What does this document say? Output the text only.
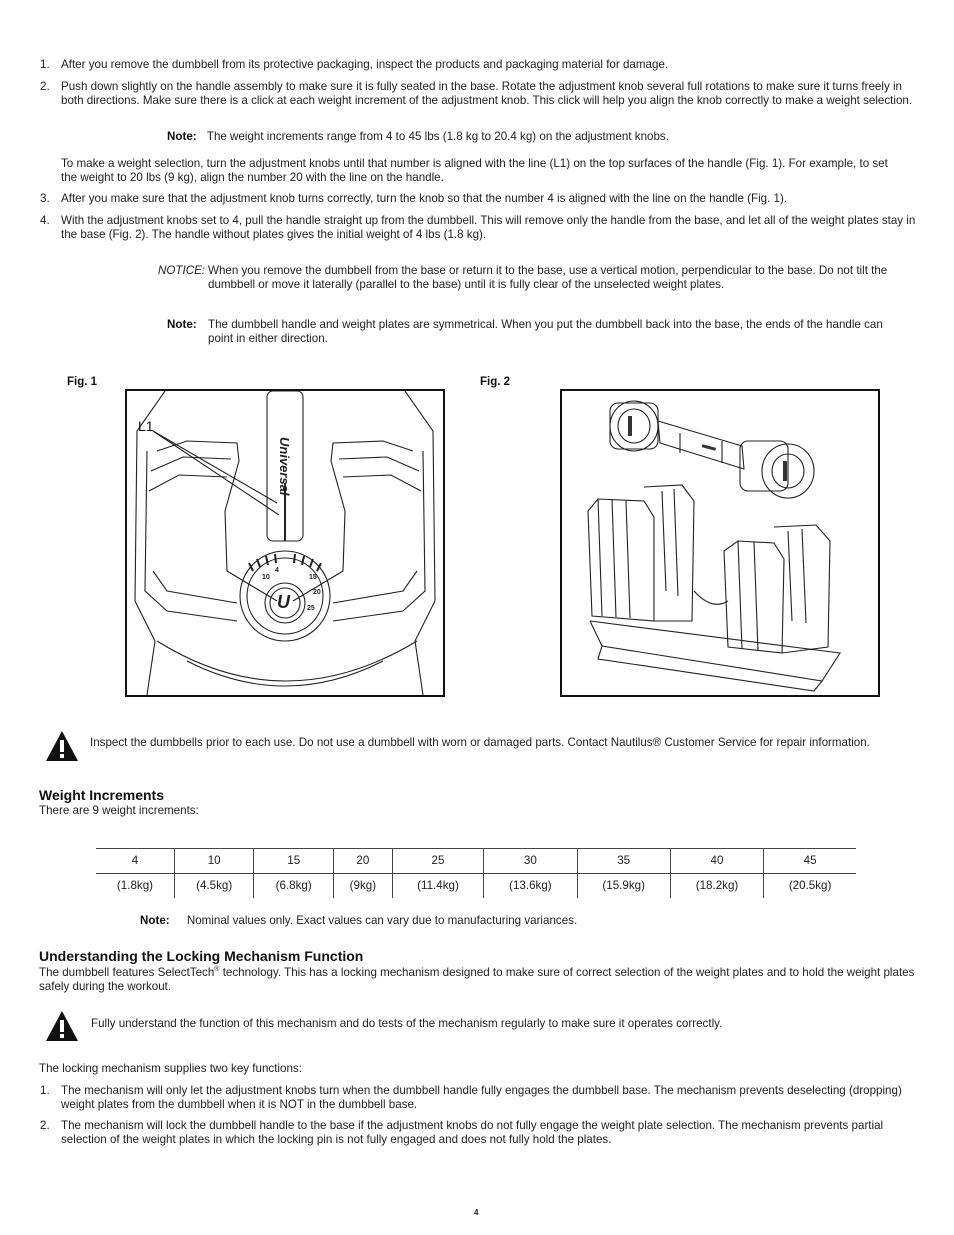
1. After you remove the dumbbell from its protective packaging, inspect the products and packaging material for damage.
2. Push down slightly on the handle assembly to make sure it is fully seated in the base. Rotate the adjustment knob several full rotations to make sure it turns freely in both directions. Make sure there is a click at each weight increment of the adjustment knob. This click will help you align the knob correctly to make a weight selection.
Note: The weight increments range from 4 to 45 lbs (1.8 kg to 20.4 kg) on the adjustment knobs.
To make a weight selection, turn the adjustment knobs until that number is aligned with the line (L1) on the top surfaces of the handle (Fig. 1). For example, to set the weight to 20 lbs (9 kg), align the number 20 with the line on the handle.
3. After you make sure that the adjustment knob turns correctly, turn the knob so that the number 4 is aligned with the line on the handle (Fig. 1).
4. With the adjustment knobs set to 4, pull the handle straight up from the dumbbell. This will remove only the handle from the base, and let all of the weight plates stay in the base (Fig. 2). The handle without plates gives the initial weight of 4 lbs (1.8 kg).
NOTICE: When you remove the dumbbell from the base or return it to the base, use a vertical motion, perpendicular to the base. Do not tilt the dumbbell or move it laterally (parallel to the base) until it is fully clear of the unselected weight plates.
Note: The dumbbell handle and weight plates are symmetrical. When you put the dumbbell back into the base, the ends of the handle can point in either direction.
Fig. 1
U
Universal
L1
10
4
15
20
25
Fig. 2
Inspect the dumbbells prior to each use. Do not use a dumbbell with worn or damaged parts. Contact Nautilus® Customer Service for repair information.
Weight Increments
There are 9 weight increments:
4	10	15	20	25	30	35	40	45
(1.8kg)	(4.5kg)	(6.8kg)	(9kg)	(11.4kg)	(13.6kg)	(15.9kg)	(18.2kg)	(20.5kg)
Note: Nominal values only. Exact values can vary due to manufacturing variances.
Understanding the Locking Mechanism Function
The dumbbell features SelectTech® technology. This has a locking mechanism designed to make sure of correct selection of the weight plates and to hold the weight plates safely during the workout.
Fully understand the function of this mechanism and do tests of the mechanism regularly to make sure it operates correctly.
The locking mechanism supplies two key functions:
1. The mechanism will only let the adjustment knobs turn when the dumbbell handle fully engages the dumbbell base. The mechanism prevents deselecting (dropping) weight plates from the dumbbell when it is NOT in the dumbbell base.
2. The mechanism will lock the dumbbell handle to the base if the adjustment knobs do not fully engage the weight plate selection. The mechanism prevents partial selection of the weight plates in which the locking pin is not fully engaged and does not fully hold the plates.
4
